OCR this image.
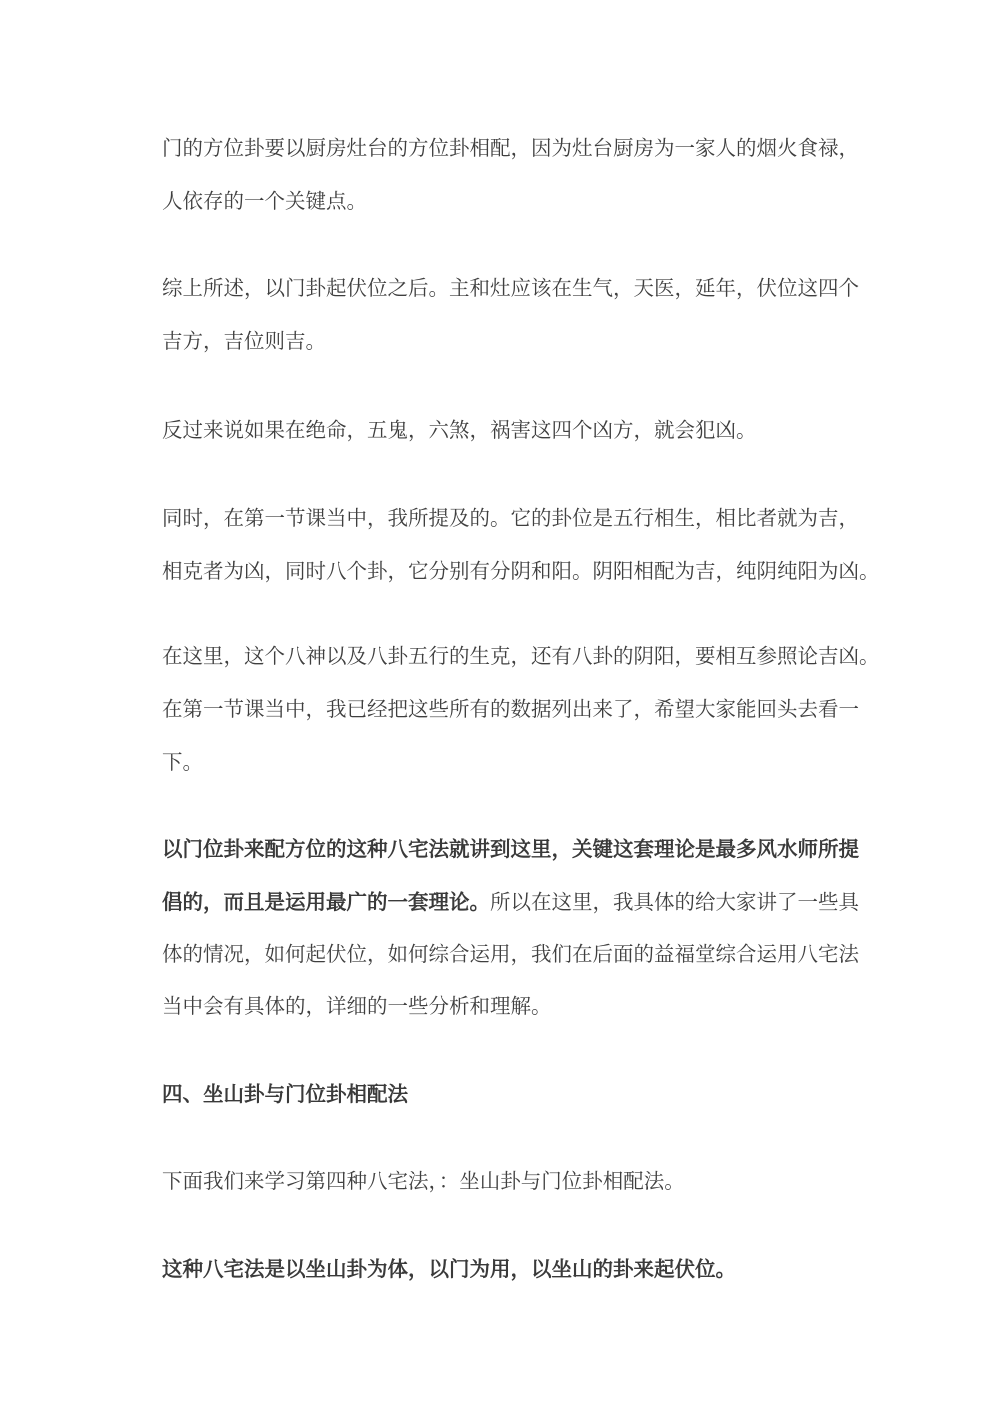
门的方位卦要以厨房灶台的方位卦相配，因为灶台厨房为一家人的烟火食禄，
人依存的一个关键点。
综上所述，以门卦起伏位之后。主和灶应该在生气，天医，延年，伏位这四个
吉方，吉位则吉。
反过来说如果在绝命，五鬼，六煞，祸害这四个凶方，就会犯凶。
同时，在第一节课当中，我所提及的。它的卦位是五行相生，相比者就为吉，
相克者为凶，同时八个卦，它分别有分阴和阳。阴阳相配为吉，纯阴纯阳为凶。
在这里，这个八神以及八卦五行的生克，还有八卦的阴阳，要相互参照论吉凶。
在第一节课当中，我已经把这些所有的数据列出来了，希望大家能回头去看一
下。
以门位卦来配方位的这种八宅法就讲到这里，关键这套理论是最多风水师所提
倡的，而且是运用最广的一套理论。所以在这里，我具体的给大家讲了一些具
体的情况，如何起伏位，如何综合运用，我们在后面的益福堂综合运用八宅法
当中会有具体的，详细的一些分析和理解。
四、坐山卦与门位卦相配法
下面我们来学习第四种八宅法，：坐山卦与门位卦相配法。
这种八宅法是以坐山卦为体，以门为用，以坐山的卦来起伏位。
